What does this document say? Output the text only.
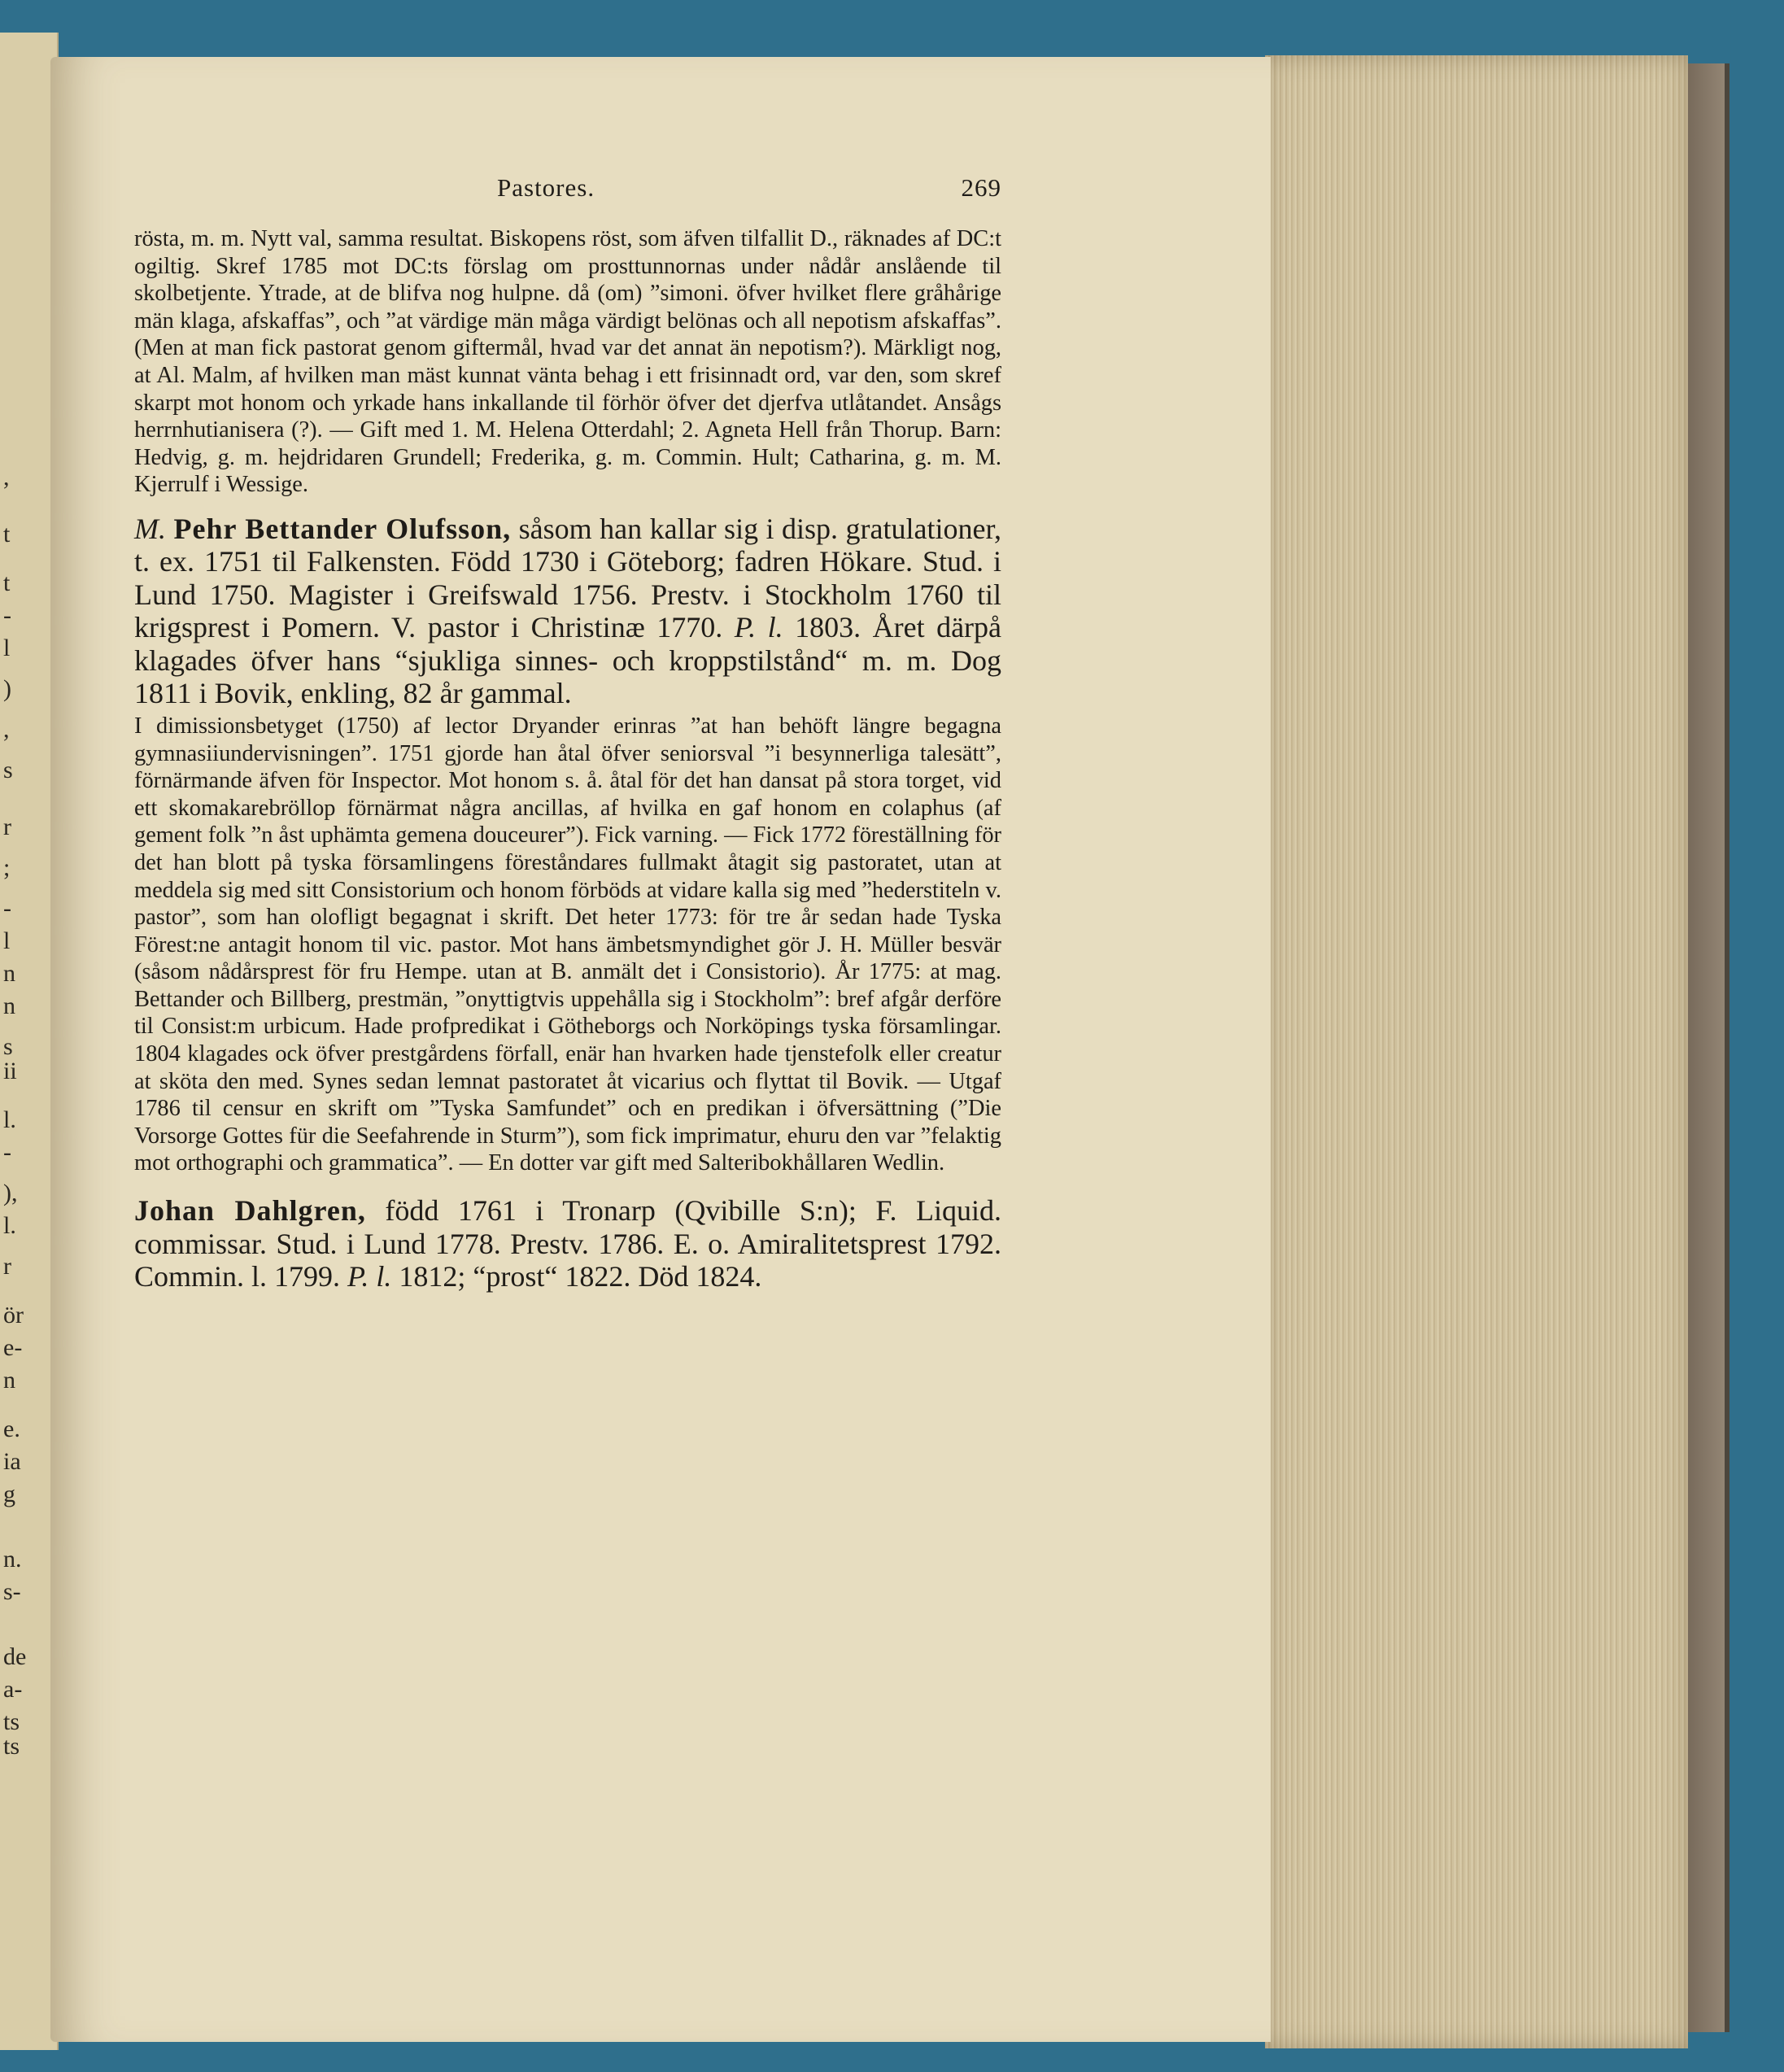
,
t
t
-
l
)
,
s
r
;
-
l
n
n
s
ii
l.
-
),
l.
r
ör
e-
n
e.
ia
g
n.
s-
de
a-
ts
ts
Pastores.	269

rösta, m. m. Nytt val, samma resultat. Biskopens röst, som äfven tilfallit D., räknades af DC:t ogiltig. Skref 1785 mot DC:ts förslag om prosttunnornas under nådår anslående til skolbetjente. Ytrade, at de blifva nog hulpne. då (om) ”simoni. öfver hvilket flere gråhårige män klaga, afskaffas”, och ”at värdige män måga värdigt belönas och all nepotism afskaffas”. (Men at man fick pastorat genom giftermål, hvad var det annat än nepotism?). Märkligt nog, at Al. Malm, af hvilken man mäst kunnat vänta behag i ett frisinnadt ord, var den, som skref skarpt mot honom och yrkade hans inkallande til förhör öfver det djerfva utlåtandet. Ansågs herrnhutianisera (?). — Gift med 1. M. Helena Otterdahl; 2. Agneta Hell från Thorup. Barn: Hedvig, g. m. hejdridaren Grundell; Frederika, g. m. Commin. Hult; Catharina, g. m. M. Kjerrulf i Wessige.

M. Pehr Bettander Olufsson, såsom han kallar sig i disp. gratulationer, t. ex. 1751 til Falkensten. Född 1730 i Göteborg; fadren Hökare. Stud. i Lund 1750. Magister i Greifswald 1756. Prestv. i Stockholm 1760 til krigsprest i Pomern. V. pastor i Christinæ 1770. P. l. 1803. Året därpå klagades öfver hans “sjukliga sinnes- och kroppstilstånd“ m. m. Dog 1811 i Bovik, enkling, 82 år gammal.

I dimissionsbetyget (1750) af lector Dryander erinras ”at han behöft längre begagna gymnasiiundervisningen”. 1751 gjorde han åtal öfver seniorsval ”i besynnerliga talesätt”, förnärmande äfven för Inspector. Mot honom s. å. åtal för det han dansat på stora torget, vid ett skomakarebröllop förnärmat några ancillas, af hvilka en gaf honom en colaphus (af gement folk ”n åst uphämta gemena douceurer”). Fick varning. — Fick 1772 föreställning för det han blott på tyska församlingens föreståndares fullmakt åtagit sig pastoratet, utan at meddela sig med sitt Consistorium och honom förböds at vidare kalla sig med ”hederstiteln v. pastor”, som han olofligt begagnat i skrift. Det heter 1773: för tre år sedan hade Tyska Förest:ne antagit honom til vic. pastor. Mot hans ämbetsmyndighet gör J. H. Müller besvär (såsom nådårsprest för fru Hempe. utan at B. anmält det i Consistorio). År 1775: at mag. Bettander och Billberg, prestmän, ”onyttigtvis uppehålla sig i Stockholm”: bref afgår derföre til Consist:m urbicum. Hade profpredikat i Götheborgs och Norköpings tyska församlingar. 1804 klagades ock öfver prestgårdens förfall, enär han hvarken hade tjenstefolk eller creatur at sköta den med. Synes sedan lemnat pastoratet åt vicarius och flyttat til Bovik. — Utgaf 1786 til censur en skrift om ”Tyska Samfundet” och en predikan i öfversättning (”Die Vorsorge Gottes für die Seefahrende in Sturm”), som fick imprimatur, ehuru den var ”felaktig mot orthographi och grammatica”. — En dotter var gift med Salteribokhållaren Wedlin.

Johan Dahlgren, född 1761 i Tronarp (Qvibille S:n); F. Liquid. commissar. Stud. i Lund 1778. Prestv. 1786. E. o. Amiralitetsprest 1792. Commin. l. 1799. P. l. 1812; “prost“ 1822. Död 1824.
